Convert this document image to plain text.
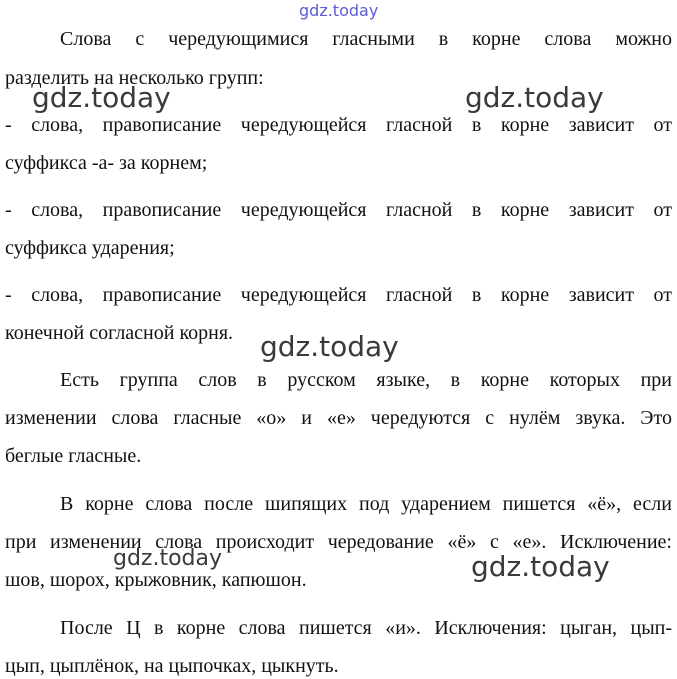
gdz.today
Слова с чередующимися гласными в корне слова можно
разделить на несколько групп:
- слова, правописание чередующейся гласной в корне зависит от
суффикса -а- за корнем;
- слова, правописание чередующейся гласной в корне зависит от
суффикса ударения;
- слова, правописание чередующейся гласной в корне зависит от
конечной согласной корня.
Есть группа слов в русском языке, в корне которых при
изменении слова гласные «о» и «е» чередуются с нулём звука. Это
беглые гласные.
В корне слова после шипящих под ударением пишется «ё», если
при изменении слова происходит чередование «ё» с «е». Исключение:
шов, шорох, крыжовник, капюшон.
После Ц в корне слова пишется «и». Исключения: цыган, цып-
цып, цыплёнок, на цыпочках, цыкнуть.
gdz.today	gdz.today
gdz.today
gdz.today	gdz.today
